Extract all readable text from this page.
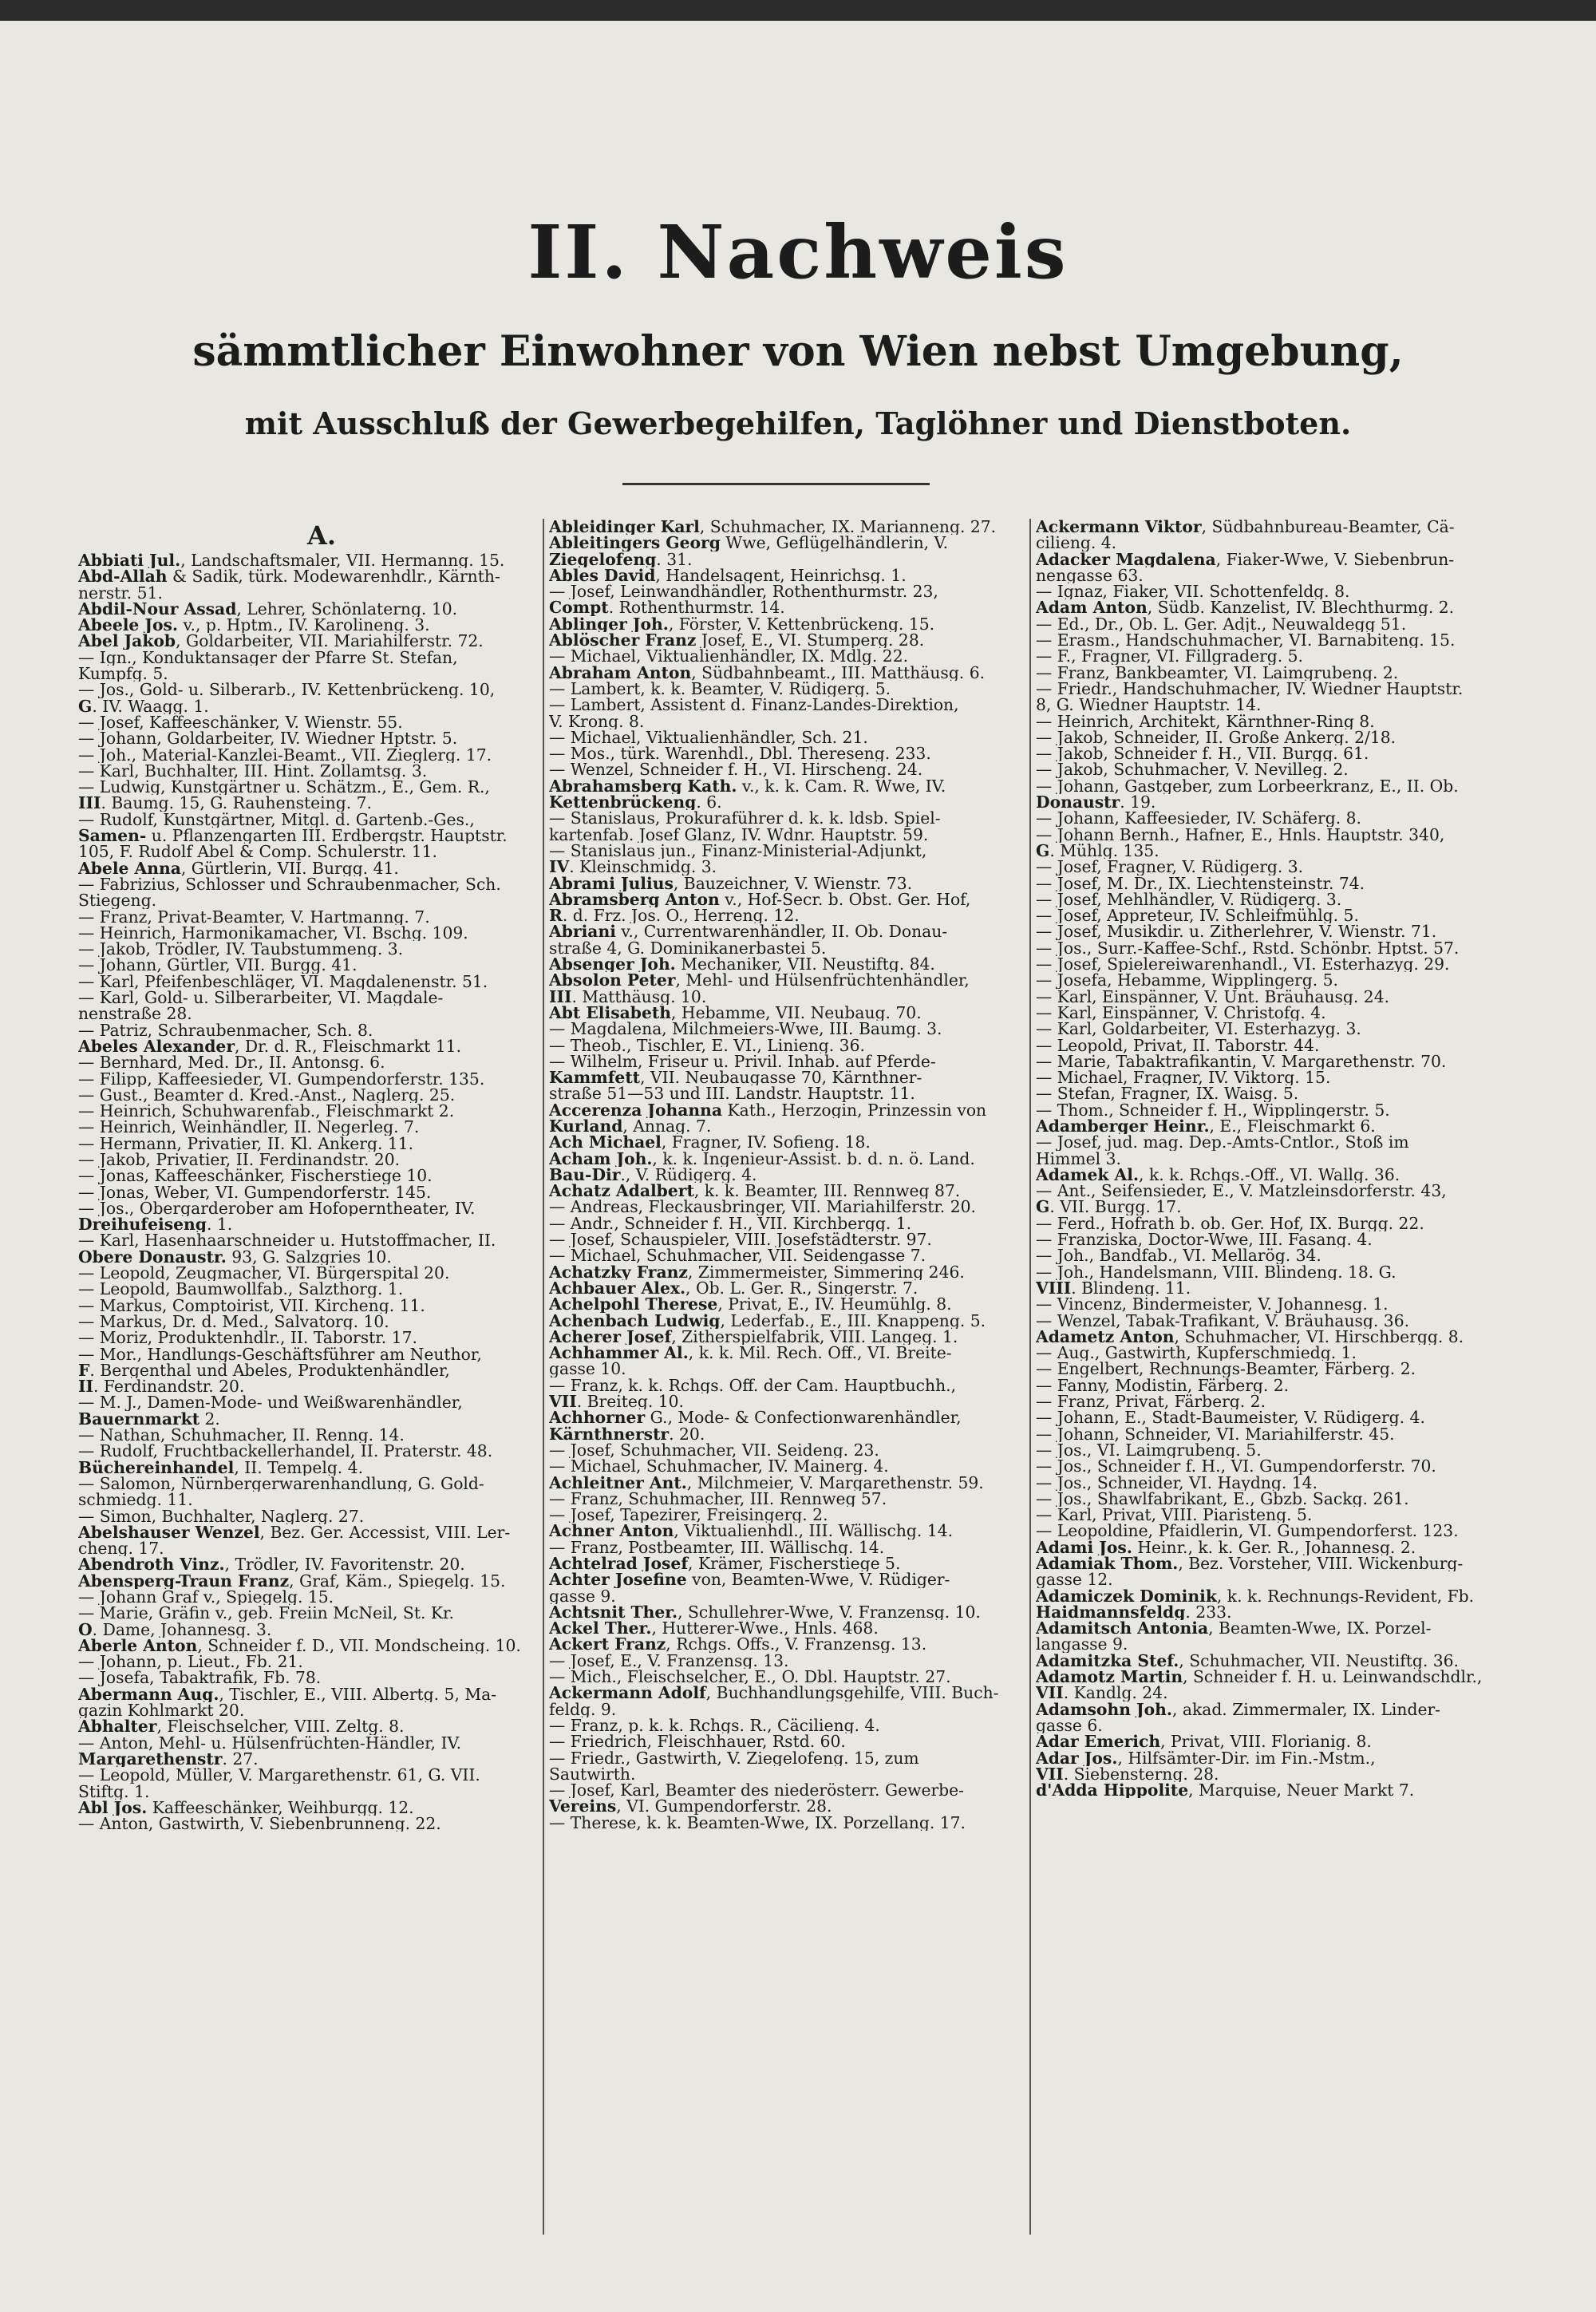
II. Nachweis
sämmtlicher Einwohner von Wien nebst Umgebung,
mit Ausschluß der Gewerbegehilfen, Taglöhner und Dienstboten.
A.

Abbiati Jul., Landschaftsmaler, VII. Hermanng. 15.

Abd-Allah & Sadik, türk. Modewarenhdlr., Kärnth-

nerstr. 51.

Abdil-Nour Assad, Lehrer, Schönlaterng. 10.

Abeele Jos. v., p. Hptm., IV. Karolineng. 3.

Abel Jakob, Goldarbeiter, VII. Mariahilferstr. 72.

— Ign., Konduktansager der Pfarre St. Stefan,

Kumpfg. 5.

— Jos., Gold- u. Silberarb., IV. Kettenbrückeng. 10,

G. IV. Waagg. 1.

— Josef, Kaffeeschänker, V. Wienstr. 55.

— Johann, Goldarbeiter, IV. Wiedner Hptstr. 5.

— Joh., Material-Kanzlei-Beamt., VII. Zieglerg. 17.

— Karl, Buchhalter, III. Hint. Zollamtsg. 3.

— Ludwig, Kunstgärtner u. Schätzm., E., Gem. R.,

III. Baumg. 15, G. Rauhensteing. 7.

— Rudolf, Kunstgärtner, Mitgl. d. Gartenb.-Ges.,

Samen- u. Pflanzengarten III. Erdbergstr. Hauptstr.

105, F. Rudolf Abel & Comp. Schulerstr. 11.

Abele Anna, Gürtlerin, VII. Burgg. 41.

— Fabrizius, Schlosser und Schraubenmacher, Sch.

Stiegeng.

— Franz, Privat-Beamter, V. Hartmanng. 7.

— Heinrich, Harmonikamacher, VI. Bschg. 109.

— Jakob, Trödler, IV. Taubstummeng. 3.

— Johann, Gürtler, VII. Burgg. 41.

— Karl, Pfeifenbeschläger, VI. Magdalenenstr. 51.

— Karl, Gold- u. Silberarbeiter, VI. Magdale-

nenstraße 28.

— Patriz, Schraubenmacher, Sch. 8.

Abeles Alexander, Dr. d. R., Fleischmarkt 11.

— Bernhard, Med. Dr., II. Antonsg. 6.

— Filipp, Kaffeesieder, VI. Gumpendorferstr. 135.

— Gust., Beamter d. Kred.-Anst., Naglerg. 25.

— Heinrich, Schuhwarenfab., Fleischmarkt 2.

— Heinrich, Weinhändler, II. Negerleg. 7.

— Hermann, Privatier, II. Kl. Ankerg. 11.

— Jakob, Privatier, II. Ferdinandstr. 20.

— Jonas, Kaffeeschänker, Fischerstiege 10.

— Jonas, Weber, VI. Gumpendorferstr. 145.

— Jos., Obergarderober am Hofoperntheater, IV.

Dreihufeiseng. 1.

— Karl, Hasenhaarschneider u. Hutstoffmacher, II.

Obere Donaustr. 93, G. Salzgries 10.

— Leopold, Zeugmacher, VI. Bürgerspital 20.

— Leopold, Baumwollfab., Salzthorg. 1.

— Markus, Comptoirist, VII. Kircheng. 11.

— Markus, Dr. d. Med., Salvatorg. 10.

— Moriz, Produktenhdlr., II. Taborstr. 17.

— Mor., Handlungs-Geschäftsführer am Neuthor,

F. Bergenthal und Abeles, Produktenhändler,

II. Ferdinandstr. 20.

— M. J., Damen-Mode- und Weißwarenhändler,

Bauernmarkt 2.

— Nathan, Schuhmacher, II. Renng. 14.

— Rudolf, Fruchtbackellerhandel, II. Praterstr. 48.

Büchereinhandel, II. Tempelg. 4.

— Salomon, Nürnbergerwarenhandlung, G. Gold-

schmiedg. 11.

— Simon, Buchhalter, Naglerg. 27.

Abelshauser Wenzel, Bez. Ger. Accessist, VIII. Ler-

cheng. 17.

Abendroth Vinz., Trödler, IV. Favoritenstr. 20.

Abensperg-Traun Franz, Graf, Käm., Spiegelg. 15.

— Johann Graf v., Spiegelg. 15.

— Marie, Gräfin v., geb. Freiin McNeil, St. Kr.

O. Dame, Johannesg. 3.

Aberle Anton, Schneider f. D., VII. Mondscheing. 10.

— Johann, p. Lieut., Fb. 21.

— Josefa, Tabaktrafik, Fb. 78.

Abermann Aug., Tischler, E., VIII. Albertg. 5, Ma-

gazin Kohlmarkt 20.

Abhalter, Fleischselcher, VIII. Zeltg. 8.

— Anton, Mehl- u. Hülsenfrüchten-Händler, IV.

Margarethenstr. 27.

— Leopold, Müller, V. Margarethenstr. 61, G. VII.

Stiftg. 1.

Abl Jos. Kaffeeschänker, Weihburgg. 12.

— Anton, Gastwirth, V. Siebenbrunneng. 22.

Ableidinger Karl, Schuhmacher, IX. Marianneng. 27.

Ableitingers Georg Wwe, Geflügelhändlerin, V.

Ziegelofeng. 31.

Ables David, Handelsagent, Heinrichsg. 1.

— Josef, Leinwandhändler, Rothenthurmstr. 23,

Compt. Rothenthurmstr. 14.

Ablinger Joh., Förster, V. Kettenbrückeng. 15.

Ablöscher Franz Josef, E., VI. Stumperg. 28.

— Michael, Viktualienhändler, IX. Mdlg. 22.

Abraham Anton, Südbahnbeamt., III. Matthäusg. 6.

— Lambert, k. k. Beamter, V. Rüdigerg. 5.

— Lambert, Assistent d. Finanz-Landes-Direktion,

V. Krong. 8.

— Michael, Viktualienhändler, Sch. 21.

— Mos., türk. Warenhdl., Dbl. Thereseng. 233.

— Wenzel, Schneider f. H., VI. Hirscheng. 24.

Abrahamsberg Kath. v., k. k. Cam. R. Wwe, IV.

Kettenbrückeng. 6.

— Stanislaus, Prokuraführer d. k. k. ldsb. Spiel-

kartenfab. Josef Glanz, IV. Wdnr. Hauptstr. 59.

— Stanislaus jun., Finanz-Ministerial-Adjunkt,

IV. Kleinschmidg. 3.

Abrami Julius, Bauzeichner, V. Wienstr. 73.

Abramsberg Anton v., Hof-Secr. b. Obst. Ger. Hof,

R. d. Frz. Jos. O., Herreng. 12.

Abriani v., Currentwarenhändler, II. Ob. Donau-

straße 4, G. Dominikanerbastei 5.

Absenger Joh. Mechaniker, VII. Neustiftg. 84.

Absolon Peter, Mehl- und Hülsenfrüchtenhändler,

III. Matthäusg. 10.

Abt Elisabeth, Hebamme, VII. Neubaug. 70.

— Magdalena, Milchmeiers-Wwe, III. Baumg. 3.

— Theob., Tischler, E. VI., Linieng. 36.

— Wilhelm, Friseur u. Privil. Inhab. auf Pferde-

Kammfett, VII. Neubaugasse 70, Kärnthner-

straße 51—53 und III. Landstr. Hauptstr. 11.

Accerenza Johanna Kath., Herzogin, Prinzessin von

Kurland, Annag. 7.

Ach Michael, Fragner, IV. Sofieng. 18.

Acham Joh., k. k. Ingenieur-Assist. b. d. n. ö. Land.

Bau-Dir., V. Rüdigerg. 4.

Achatz Adalbert, k. k. Beamter, III. Rennweg 87.

— Andreas, Fleckausbringer, VII. Mariahilferstr. 20.

— Andr., Schneider f. H., VII. Kirchbergg. 1.

— Josef, Schauspieler, VIII. Josefstädterstr. 97.

— Michael, Schuhmacher, VII. Seidengasse 7.

Achatzky Franz, Zimmermeister, Simmering 246.

Achbauer Alex., Ob. L. Ger. R., Singerstr. 7.

Achelpohl Therese, Privat, E., IV. Heumühlg. 8.

Achenbach Ludwig, Lederfab., E., III. Knappeng. 5.

Acherer Josef, Zitherspielfabrik, VIII. Langeg. 1.

Achhammer Al., k. k. Mil. Rech. Off., VI. Breite-

gasse 10.

— Franz, k. k. Rchgs. Off. der Cam. Hauptbuchh.,

VII. Breiteg. 10.

Achhorner G., Mode- & Confectionwarenhändler,

Kärnthnerstr. 20.

— Josef, Schuhmacher, VII. Seideng. 23.

— Michael, Schuhmacher, IV. Mainerg. 4.

Achleitner Ant., Milchmeier, V. Margarethenstr. 59.

— Franz, Schuhmacher, III. Rennweg 57.

— Josef, Tapezirer, Freisingerg. 2.

Achner Anton, Viktualienhdl., III. Wällischg. 14.

— Franz, Postbeamter, III. Wällischg. 14.

Achtelrad Josef, Krämer, Fischerstiege 5.

Achter Josefine von, Beamten-Wwe, V. Rüdiger-

gasse 9.

Achtsnit Ther., Schullehrer-Wwe, V. Franzensg. 10.

Ackel Ther., Hutterer-Wwe., Hnls. 468.

Ackert Franz, Rchgs. Offs., V. Franzensg. 13.

— Josef, E., V. Franzensg. 13.

— Mich., Fleischselcher, E., O. Dbl. Hauptstr. 27.

Ackermann Adolf, Buchhandlungsgehilfe, VIII. Buch-

feldg. 9.

— Franz, p. k. k. Rchgs. R., Cäcilieng. 4.

— Friedrich, Fleischhauer, Rstd. 60.

— Friedr., Gastwirth, V. Ziegelofeng. 15, zum

Sautwirth.

— Josef, Karl, Beamter des niederösterr. Gewerbe-

Vereins, VI. Gumpendorferstr. 28.

— Therese, k. k. Beamten-Wwe, IX. Porzellang. 17.

Ackermann Viktor, Südbahnbureau-Beamter, Cä-

cilieng. 4.

Adacker Magdalena, Fiaker-Wwe, V. Siebenbrun-

nengasse 63.

— Ignaz, Fiaker, VII. Schottenfeldg. 8.

Adam Anton, Südb. Kanzelist, IV. Blechthurmg. 2.

— Ed., Dr., Ob. L. Ger. Adjt., Neuwaldegg 51.

— Erasm., Handschuhmacher, VI. Barnabiteng. 15.

— F., Fragner, VI. Fillgraderg. 5.

— Franz, Bankbeamter, VI. Laimgrubeng. 2.

— Friedr., Handschuhmacher, IV. Wiedner Hauptstr.

8, G. Wiedner Hauptstr. 14.

— Heinrich, Architekt, Kärnthner-Ring 8.

— Jakob, Schneider, II. Große Ankerg. 2/18.

— Jakob, Schneider f. H., VII. Burgg. 61.

— Jakob, Schuhmacher, V. Nevilleg. 2.

— Johann, Gastgeber, zum Lorbeerkranz, E., II. Ob.

Donaustr. 19.

— Johann, Kaffeesieder, IV. Schäferg. 8.

— Johann Bernh., Hafner, E., Hnls. Hauptstr. 340,

G. Mühlg. 135.

— Josef, Fragner, V. Rüdigerg. 3.

— Josef, M. Dr., IX. Liechtensteinstr. 74.

— Josef, Mehlhändler, V. Rüdigerg. 3.

— Josef, Appreteur, IV. Schleifmühlg. 5.

— Josef, Musikdir. u. Zitherlehrer, V. Wienstr. 71.

— Jos., Surr.-Kaffee-Schf., Rstd. Schönbr. Hptst. 57.

— Josef, Spielereiwarenhandl., VI. Esterhazyg. 29.

— Josefa, Hebamme, Wipplingerg. 5.

— Karl, Einspänner, V. Unt. Bräuhausg. 24.

— Karl, Einspänner, V. Christofg. 4.

— Karl, Goldarbeiter, VI. Esterhazyg. 3.

— Leopold, Privat, II. Taborstr. 44.

— Marie, Tabaktrafikantin, V. Margarethenstr. 70.

— Michael, Fragner, IV. Viktorg. 15.

— Stefan, Fragner, IX. Waisg. 5.

— Thom., Schneider f. H., Wipplingerstr. 5.

Adamberger Heinr., E., Fleischmarkt 6.

— Josef, jud. mag. Dep.-Amts-Cntlor., Stoß im

Himmel 3.

Adamek Al., k. k. Rchgs.-Off., VI. Wallg. 36.

— Ant., Seifensieder, E., V. Matzleinsdorferstr. 43,

G. VII. Burgg. 17.

— Ferd., Hofrath b. ob. Ger. Hof, IX. Burgg. 22.

— Franziska, Doctor-Wwe, III. Fasang. 4.

— Joh., Bandfab., VI. Mellarög. 34.

— Joh., Handelsmann, VIII. Blindeng. 18. G.

VIII. Blindeng. 11.

— Vincenz, Bindermeister, V. Johannesg. 1.

— Wenzel, Tabak-Trafikant, V. Bräuhausg. 36.

Adametz Anton, Schuhmacher, VI. Hirschbergg. 8.

— Aug., Gastwirth, Kupferschmiedg. 1.

— Engelbert, Rechnungs-Beamter, Färberg. 2.

— Fanny, Modistin, Färberg. 2.

— Franz, Privat, Färberg. 2.

— Johann, E., Stadt-Baumeister, V. Rüdigerg. 4.

— Johann, Schneider, VI. Mariahilferstr. 45.

— Jos., VI. Laimgrubeng. 5.

— Jos., Schneider f. H., VI. Gumpendorferstr. 70.

— Jos., Schneider, VI. Haydng. 14.

— Jos., Shawlfabrikant, E., Gbzb. Sackg. 261.

— Karl, Privat, VIII. Piaristeng. 5.

— Leopoldine, Pfaidlerin, VI. Gumpendorferst. 123.

Adami Jos. Heinr., k. k. Ger. R., Johannesg. 2.

Adamiak Thom., Bez. Vorsteher, VIII. Wickenburg-

gasse 12.

Adamiczek Dominik, k. k. Rechnungs-Revident, Fb.

Haidmannsfeldg. 233.

Adamitsch Antonia, Beamten-Wwe, IX. Porzel-

langasse 9.

Adamitzka Stef., Schuhmacher, VII. Neustiftg. 36.

Adamotz Martin, Schneider f. H. u. Leinwandschdlr.,

VII. Kandlg. 24.

Adamsohn Joh., akad. Zimmermaler, IX. Linder-

gasse 6.

Adar Emerich, Privat, VIII. Florianig. 8.

Adar Jos., Hilfsämter-Dir. im Fin.-Mstm.,

VII. Siebensterng. 28.

d'Adda Hippolite, Marquise, Neuer Markt 7.
